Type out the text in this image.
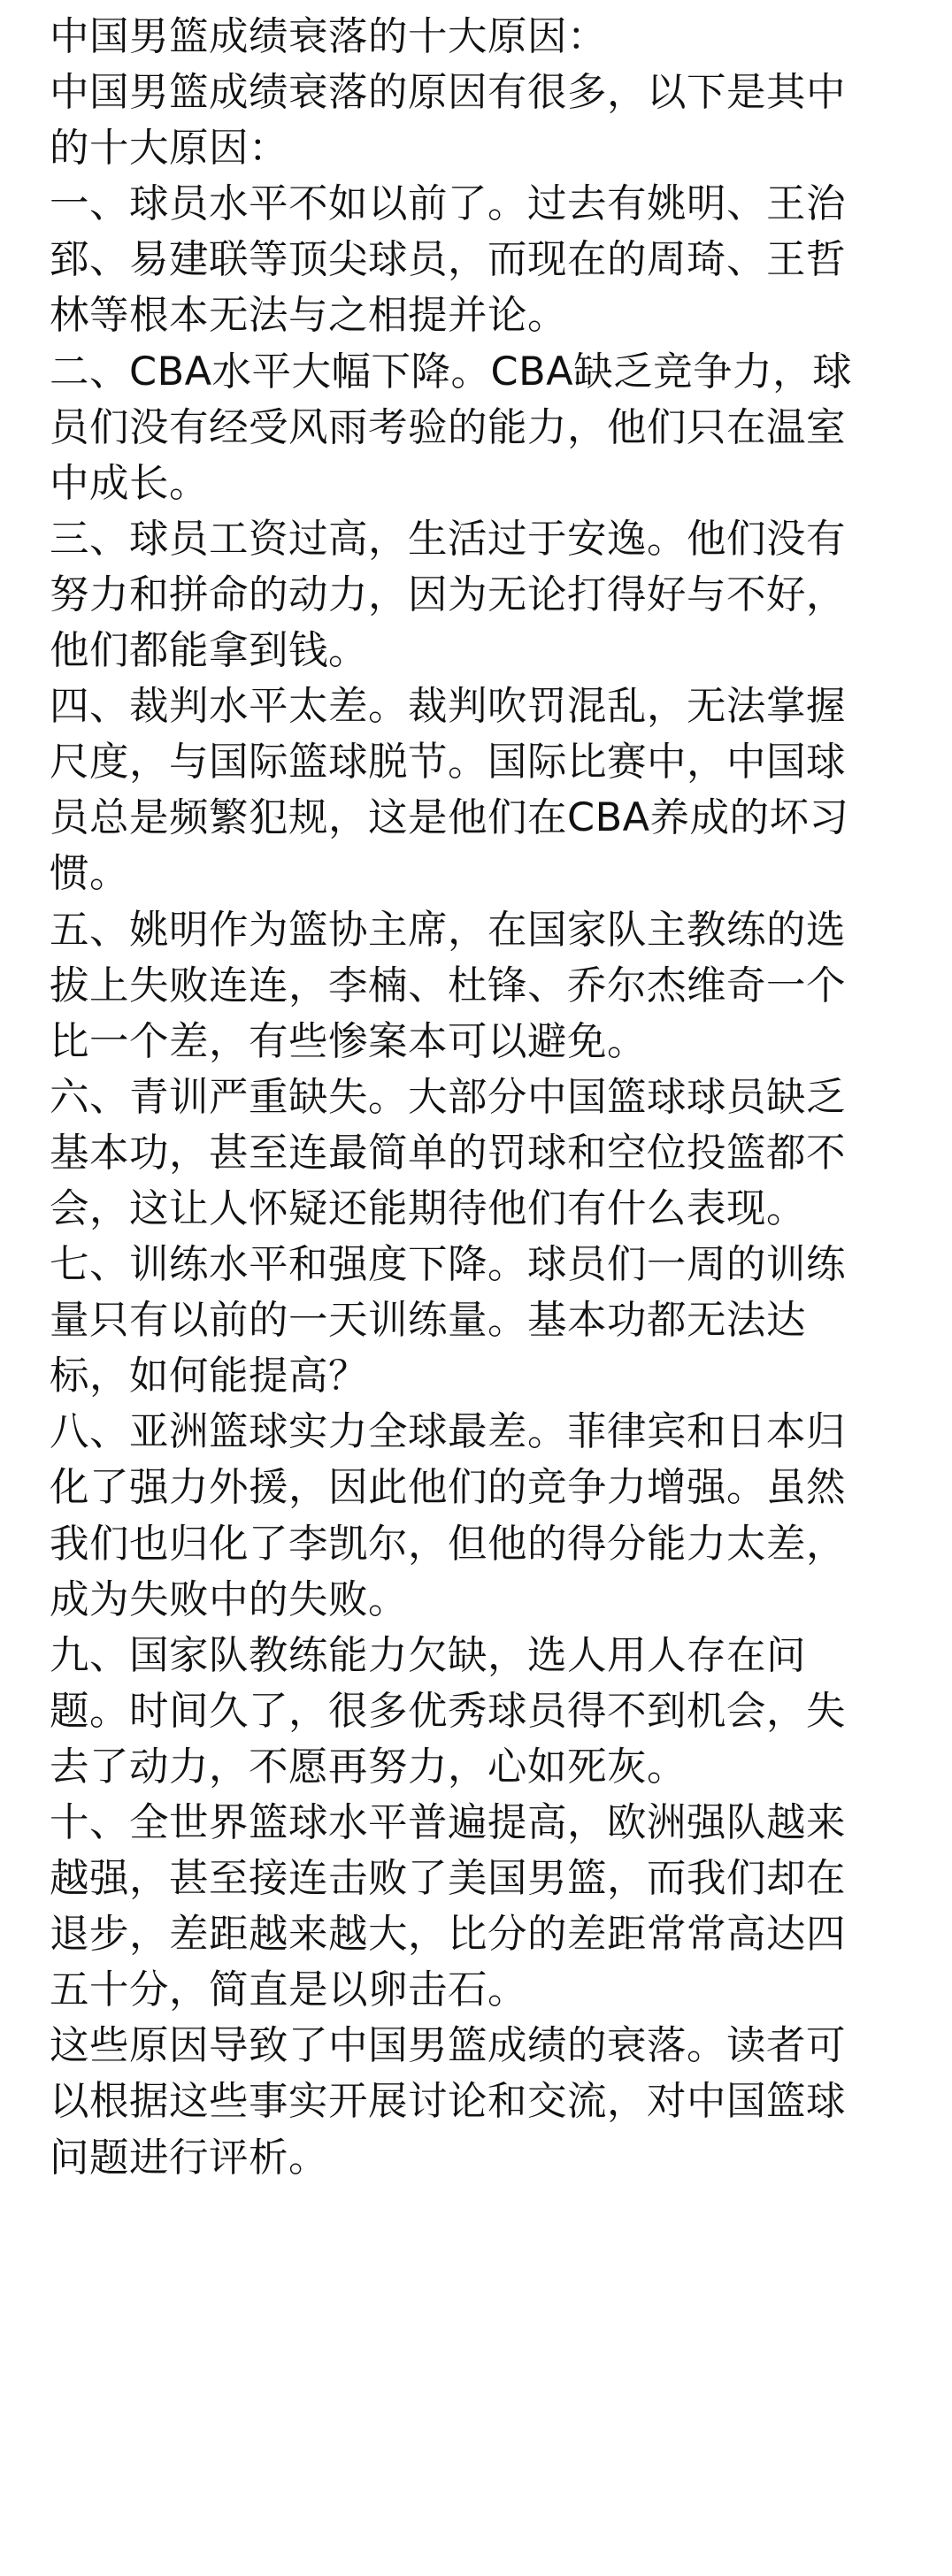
中国男篮成绩衰落的十大原因：

中国男篮成绩衰落的原因有很多，以下是其中

的十大原因：

一、球员水平不如以前了。过去有姚明、王治

郅、易建联等顶尖球员，而现在的周琦、王哲

林等根本无法与之相提并论。

二、CBA水平大幅下降。CBA缺乏竞争力，球

员们没有经受风雨考验的能力，他们只在温室

中成长。

三、球员工资过高，生活过于安逸。他们没有

努力和拼命的动力，因为无论打得好与不好，

他们都能拿到钱。

四、裁判水平太差。裁判吹罚混乱，无法掌握

尺度，与国际篮球脱节。国际比赛中，中国球

员总是频繁犯规，这是他们在CBA养成的坏习

惯。

五、姚明作为篮协主席，在国家队主教练的选

拔上失败连连，李楠、杜锋、乔尔杰维奇一个

比一个差，有些惨案本可以避免。

六、青训严重缺失。大部分中国篮球球员缺乏

基本功，甚至连最简单的罚球和空位投篮都不

会，这让人怀疑还能期待他们有什么表现。

七、训练水平和强度下降。球员们一周的训练

量只有以前的一天训练量。基本功都无法达

标，如何能提高？

八、亚洲篮球实力全球最差。菲律宾和日本归

化了强力外援，因此他们的竞争力增强。虽然

我们也归化了李凯尔，但他的得分能力太差，

成为失败中的失败。

九、国家队教练能力欠缺，选人用人存在问

题。时间久了，很多优秀球员得不到机会，失

去了动力，不愿再努力，心如死灰。

十、全世界篮球水平普遍提高，欧洲强队越来

越强，甚至接连击败了美国男篮，而我们却在

退步，差距越来越大，比分的差距常常高达四

五十分，简直是以卵击石。

这些原因导致了中国男篮成绩的衰落。读者可

以根据这些事实开展讨论和交流，对中国篮球

问题进行评析。
